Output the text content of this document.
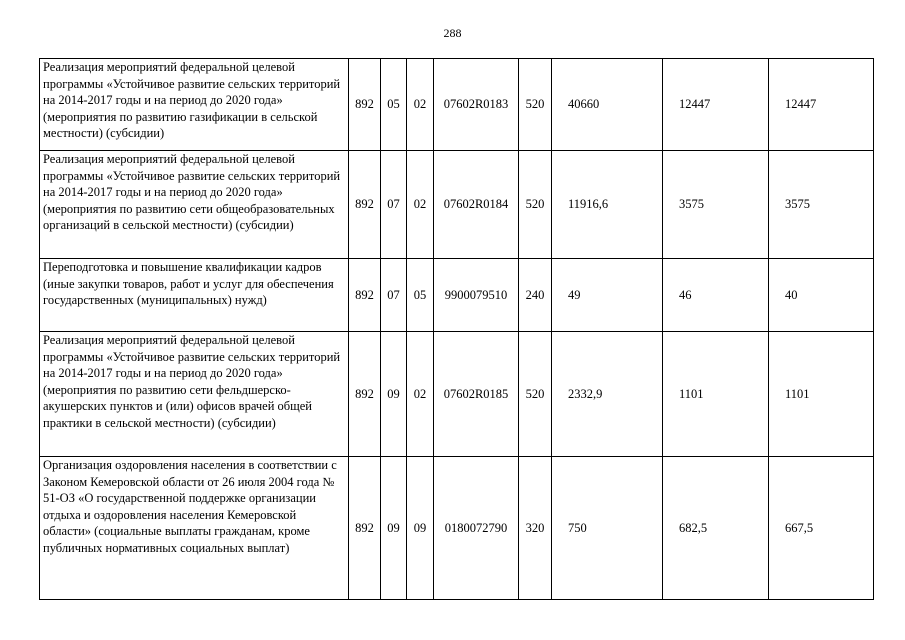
288
Реализация мероприятий федеральной целевой программы «Устойчивое развитие сельских территорий на 2014-2017 годы и на период до 2020 года» (мероприятия по развитию газификации в сельской местности) (субсидии)	892	05	02	07602R0183	520	40660	12447	12447
Реализация мероприятий федеральной целевой программы «Устойчивое развитие сельских территорий на 2014-2017 годы и на период до 2020 года» (мероприятия по развитию сети общеобразовательных организаций в сельской местности) (субсидии)	892	07	02	07602R0184	520	11916,6	3575	3575
Переподготовка и повышение квалификации кадров (иные закупки товаров, работ и услуг для обеспечения государственных (муниципальных) нужд)	892	07	05	9900079510	240	49	46	40
Реализация мероприятий федеральной целевой программы «Устойчивое развитие сельских территорий на 2014-2017 годы и на период до 2020 года» (мероприятия по развитию сети фельдшерско-акушерских пунктов и (или) офисов врачей общей практики в сельской местности) (субсидии)	892	09	02	07602R0185	520	2332,9	1101	1101
Организация оздоровления населения в соответствии с Законом Кемеровской области от 26 июля 2004 года № 51-ОЗ «О государственной поддержке организации отдыха и оздоровления населения Кемеровской области» (социальные выплаты гражданам, кроме публичных нормативных социальных выплат)	892	09	09	0180072790	320	750	682,5	667,5
